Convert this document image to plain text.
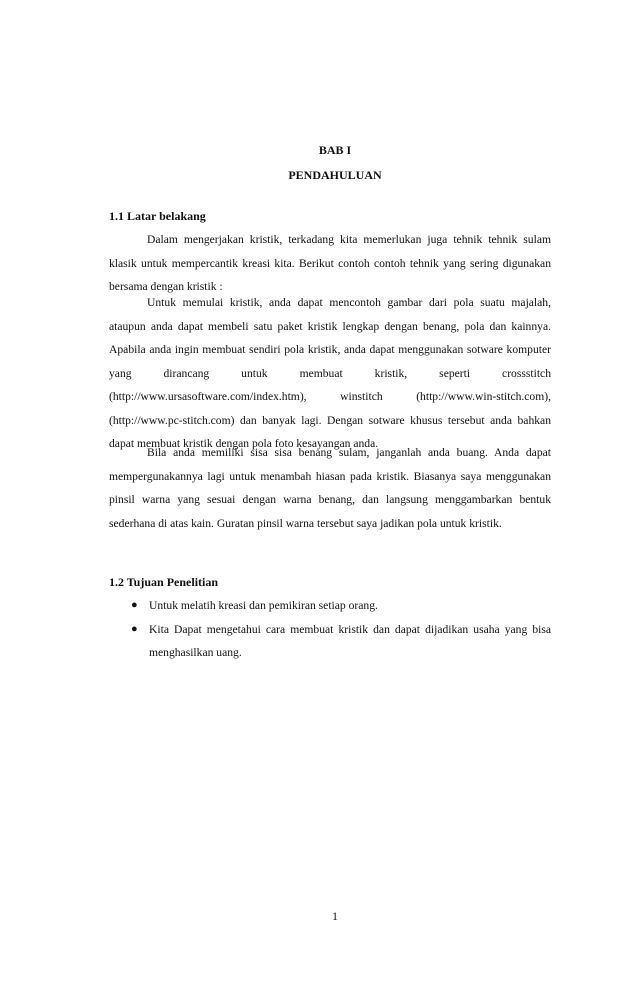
BAB I
PENDAHULUAN
1.1 Latar belakang

Dalam mengerjakan kristik, terkadang kita memerlukan juga tehnik tehnik sulam klasik untuk mempercantik kreasi kita. Berikut contoh contoh tehnik yang sering digunakan bersama dengan kristik :

Untuk memulai kristik, anda dapat mencontoh gambar dari pola suatu majalah, ataupun anda dapat membeli satu paket kristik lengkap dengan benang, pola dan kainnya. Apabila anda ingin membuat sendiri pola kristik, anda dapat menggunakan sotware komputer yang dirancang untuk membuat kristik, seperti crossstitch (http://www.ursasoftware.com/index.htm), winstitch (http://www.win-stitch.com), (http://www.pc-stitch.com) dan banyak lagi. Dengan sotware khusus tersebut anda bahkan dapat membuat kristik dengan pola foto kesayangan anda.

Bila anda memiliki sisa sisa benang sulam, janganlah anda buang. Anda dapat mempergunakannya lagi untuk menambah hiasan pada kristik. Biasanya saya menggunakan pinsil warna yang sesuai dengan warna benang, dan langsung menggambarkan bentuk sederhana di atas kain. Guratan pinsil warna tersebut saya jadikan pola untuk kristik.

1.2 Tujuan Penelitian
● Untuk melatih kreasi dan pemikiran setiap orang.
● Kita Dapat mengetahui cara membuat kristik dan dapat dijadikan usaha yang bisa menghasilkan uang.
1
